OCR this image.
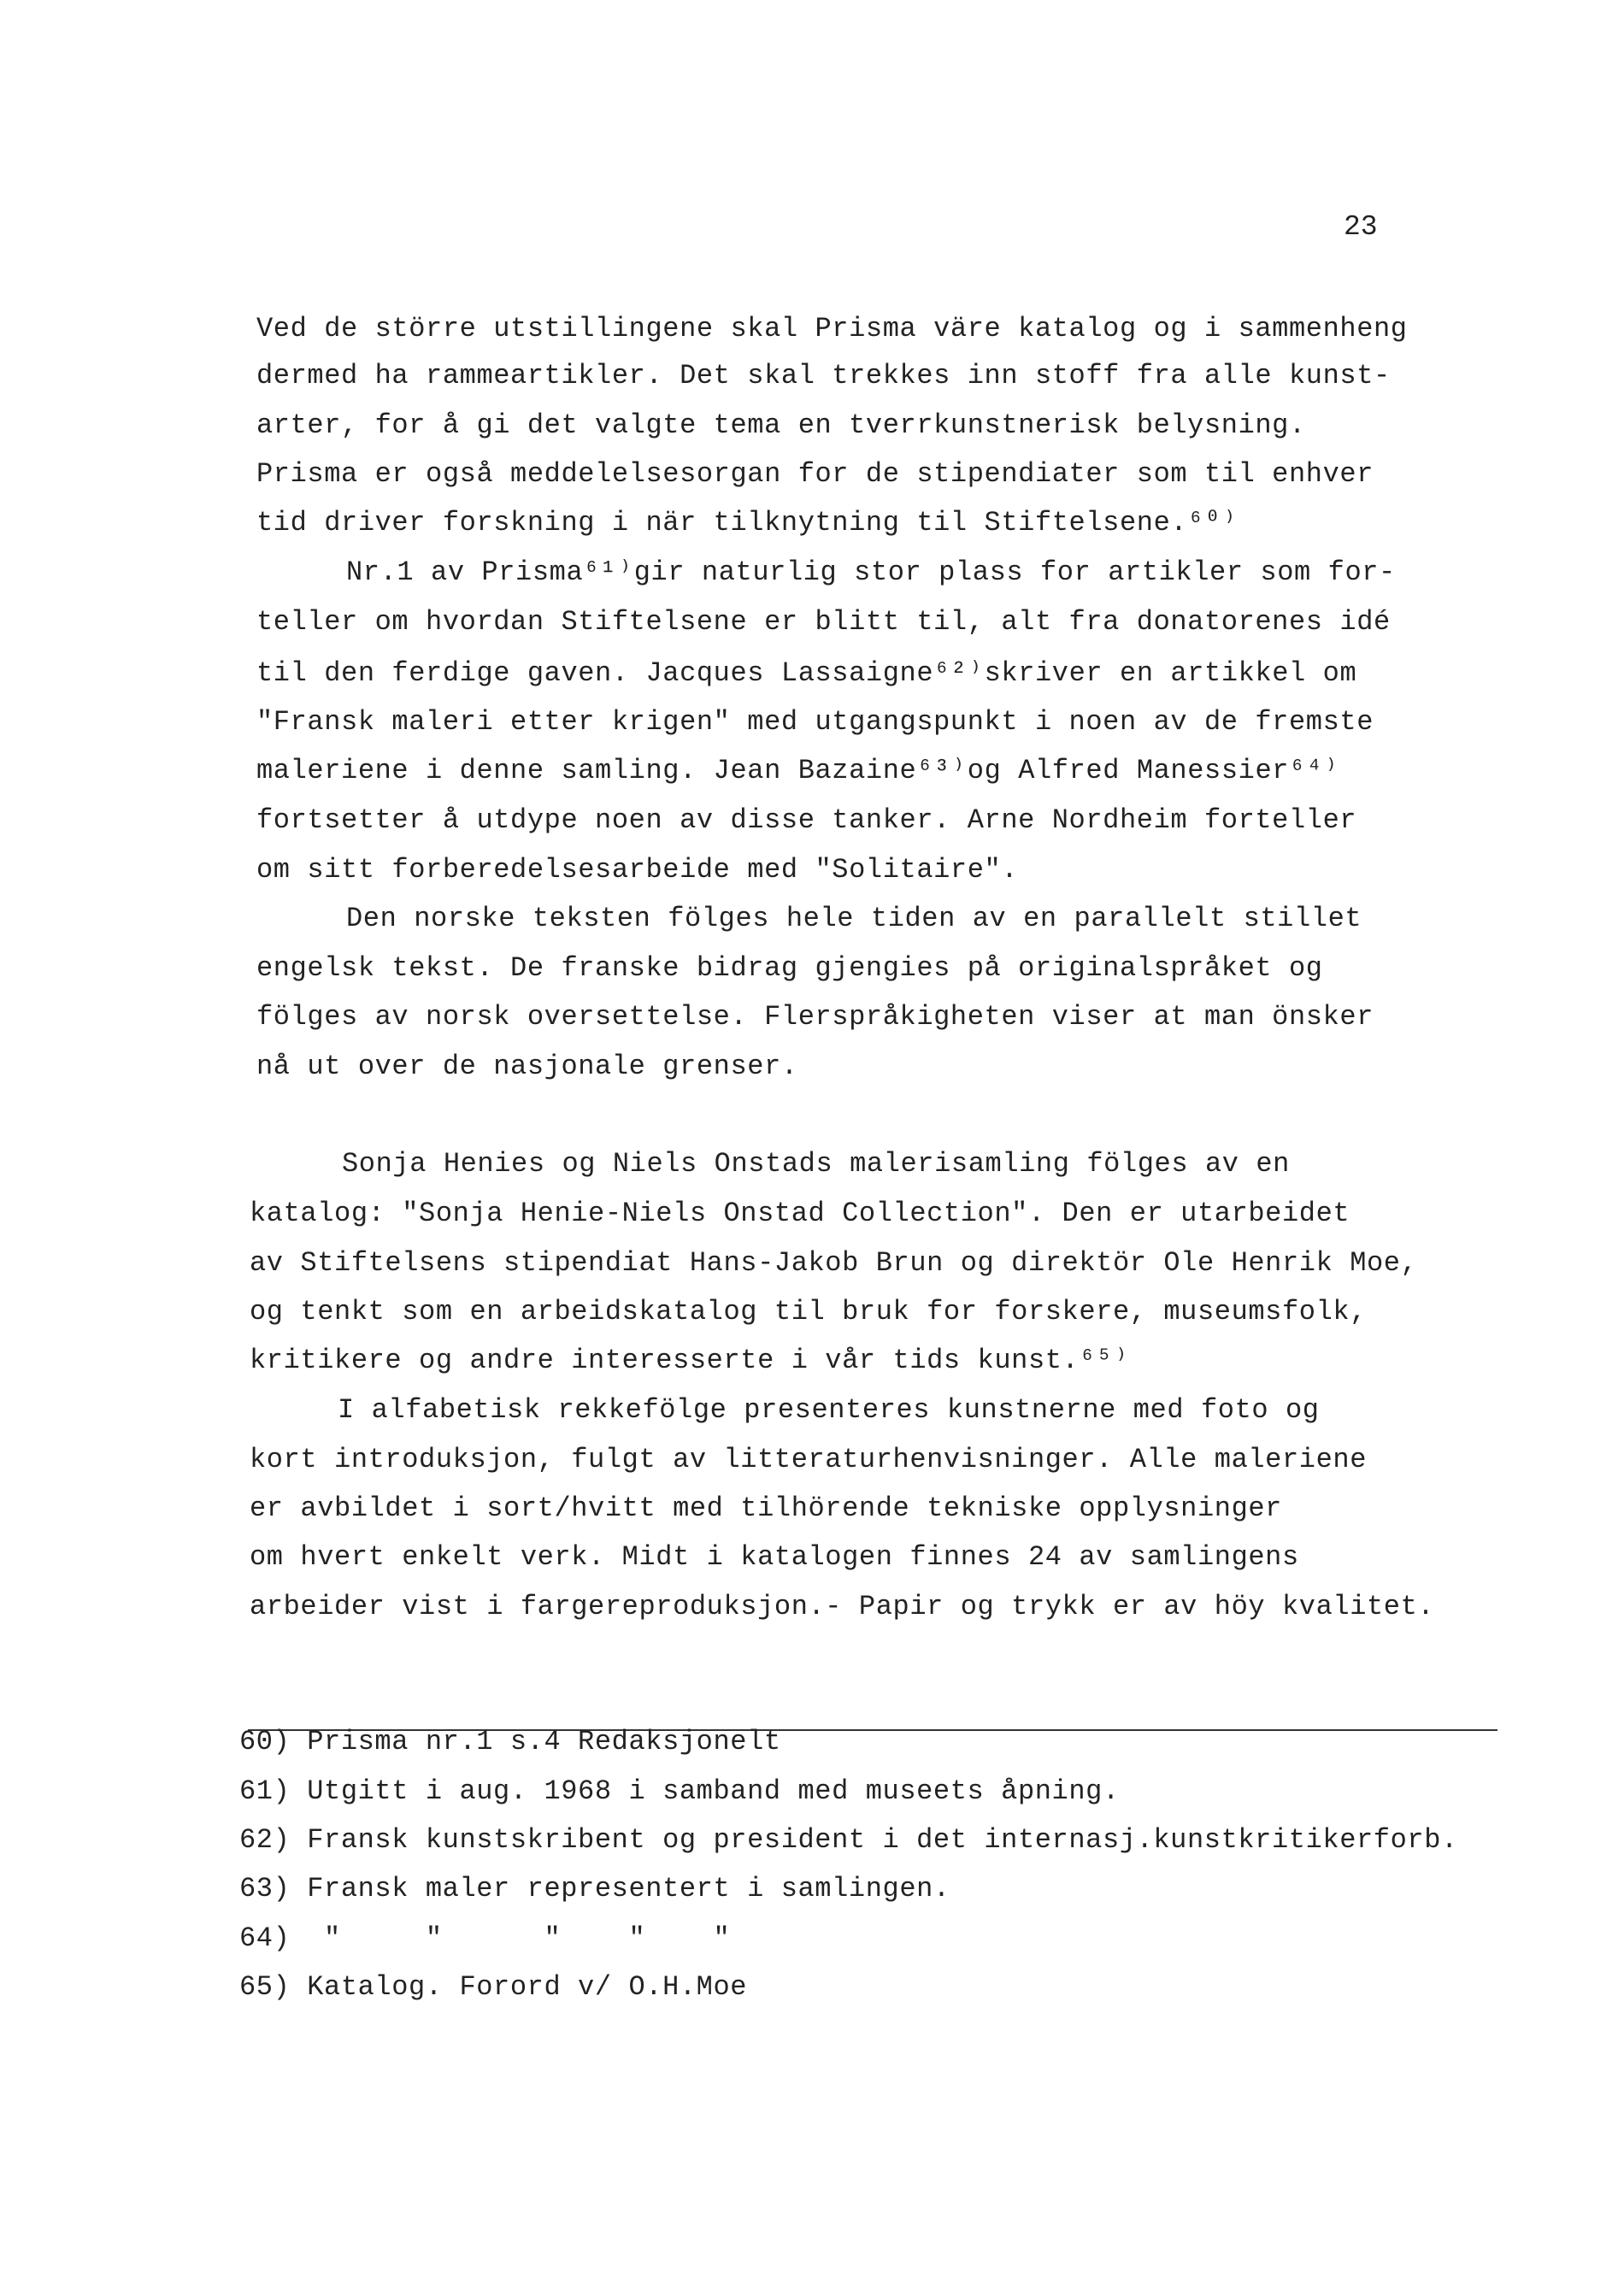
23
Ved de större utstillingene skal Prisma väre katalog og i sammenheng
dermed ha rammeartikler. Det skal trekkes inn stoff fra alle kunst-
arter, for å gi det valgte tema en tverrkunstnerisk belysning.
Prisma er også meddelelsesorgan for de stipendiater som til enhver
tid driver forskning i när tilknytning til Stiftelsene.⁶⁰⁾
Nr.1 av Prisma⁶¹⁾gir naturlig stor plass for artikler som for-
teller om hvordan Stiftelsene er blitt til, alt fra donatorenes idé
til den ferdige gaven. Jacques Lassaigne⁶²⁾skriver en artikkel om
"Fransk maleri etter krigen" med utgangspunkt i noen av de fremste
maleriene i denne samling. Jean Bazaine⁶³⁾og Alfred Manessier⁶⁴⁾
fortsetter å utdype noen av disse tanker. Arne Nordheim forteller
om sitt forberedelsesarbeide med "Solitaire".
Den norske teksten fölges hele tiden av en parallelt stillet
engelsk tekst. De franske bidrag gjengies på originalspråket og
fölges av norsk oversettelse. Flerspråkigheten viser at man önsker
nå ut over de nasjonale grenser.
Sonja Henies og Niels Onstads malerisamling fölges av en
katalog: "Sonja Henie-Niels Onstad Collection". Den er utarbeidet
av Stiftelsens stipendiat Hans-Jakob Brun og direktör Ole Henrik Moe,
og tenkt som en arbeidskatalog til bruk for forskere, museumsfolk,
kritikere og andre interesserte i vår tids kunst.⁶⁵⁾
I alfabetisk rekkefölge presenteres kunstnerne med foto og
kort introduksjon, fulgt av litteraturhenvisninger. Alle maleriene
er avbildet i sort/hvitt med tilhörende tekniske opplysninger
om hvert enkelt verk. Midt i katalogen finnes 24 av samlingens
arbeider vist i fargereproduksjon.- Papir og trykk er av höy kvalitet.
60) Prisma nr.1 s.4 Redaksjonelt
61) Utgitt i aug. 1968 i samband med museets åpning.
62) Fransk kunstskribent og president i det internasj.kunstkritikerforb.
63) Fransk maler representert i samlingen.
64)  "     "      "    "    "
65) Katalog. Forord v/ O.H.Moe
